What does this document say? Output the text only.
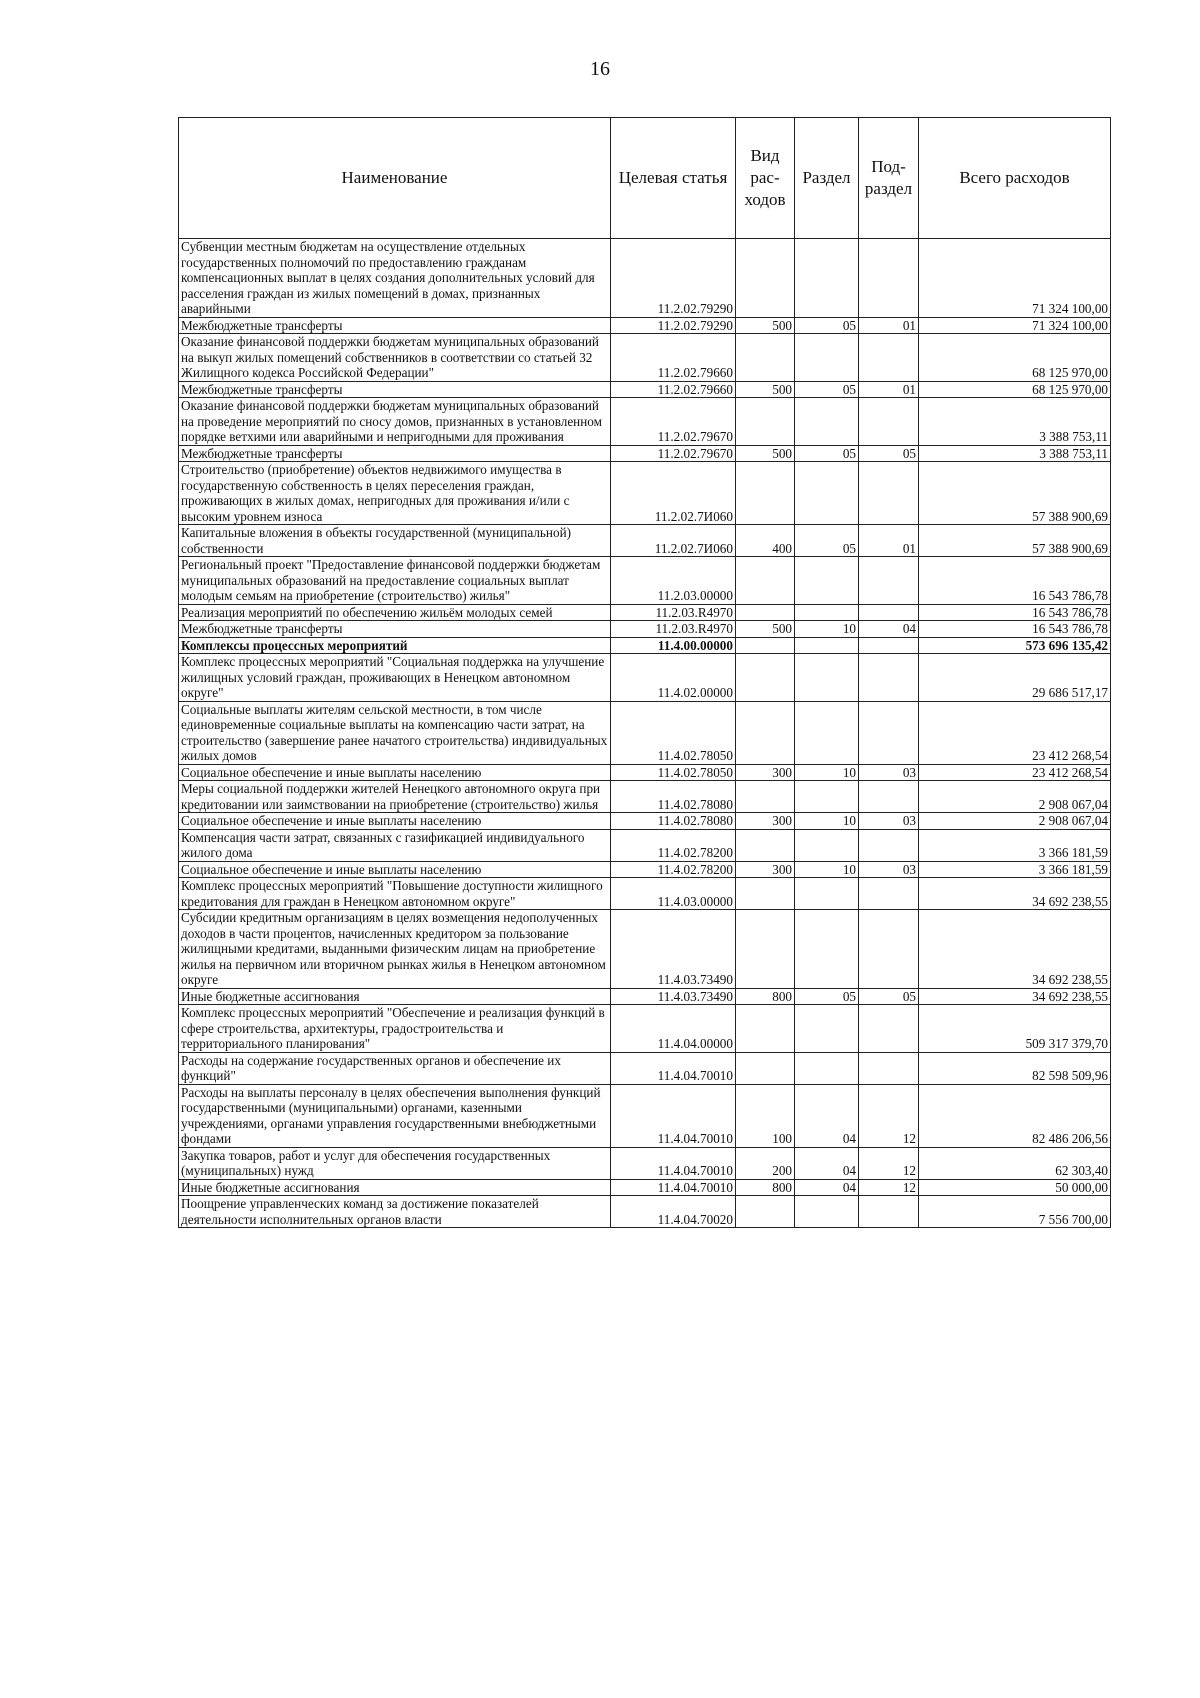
16
Наименование	Целевая статья	Вид рас- ходов	Раздел	Под- раздел	Всего расходов
Субвенции местным бюджетам на осуществление отдельных государственных полномочий по предоставлению гражданам компенсационных выплат в целях создания дополнительных условий для расселения граждан из жилых помещений в домах, признанных аварийными	11.2.02.79290				71 324 100,00
Межбюджетные трансферты	11.2.02.79290	500	05	01	71 324 100,00
Оказание финансовой поддержки бюджетам муниципальных образований на выкуп жилых помещений собственников в соответствии со статьей 32 Жилищного кодекса Российской Федерации"	11.2.02.79660				68 125 970,00
Межбюджетные трансферты	11.2.02.79660	500	05	01	68 125 970,00
Оказание финансовой поддержки бюджетам муниципальных образований на проведение мероприятий по сносу домов, признанных в установленном порядке ветхими или аварийными и непригодными для проживания	11.2.02.79670				3 388 753,11
Межбюджетные трансферты	11.2.02.79670	500	05	05	3 388 753,11
Строительство (приобретение) объектов недвижимого имущества в государственную собственность в целях переселения граждан, проживающих в жилых домах, непригодных для проживания и/или с высоким уровнем износа	11.2.02.7И060				57 388 900,69
Капитальные вложения в объекты государственной (муниципальной) собственности	11.2.02.7И060	400	05	01	57 388 900,69
Региональный проект "Предоставление финансовой поддержки бюджетам муниципальных образований на предоставление социальных выплат молодым семьям на приобретение (строительство) жилья"	11.2.03.00000				16 543 786,78
Реализация мероприятий по обеспечению жильём молодых семей	11.2.03.R4970				16 543 786,78
Межбюджетные трансферты	11.2.03.R4970	500	10	04	16 543 786,78
Комплексы процессных мероприятий	11.4.00.00000				573 696 135,42
Комплекс процессных мероприятий "Социальная поддержка на улучшение жилищных условий граждан, проживающих в Ненецком автономном округе"	11.4.02.00000				29 686 517,17
Социальные выплаты жителям сельской местности, в том числе единовременные социальные выплаты на компенсацию части затрат, на строительство (завершение ранее начатого строительства) индивидуальных жилых домов	11.4.02.78050				23 412 268,54
Социальное обеспечение и иные выплаты населению	11.4.02.78050	300	10	03	23 412 268,54
Меры социальной поддержки жителей Ненецкого автономного округа при кредитовании или заимствовании на приобретение (строительство) жилья	11.4.02.78080				2 908 067,04
Социальное обеспечение и иные выплаты населению	11.4.02.78080	300	10	03	2 908 067,04
Компенсация части затрат, связанных с газификацией индивидуального жилого дома	11.4.02.78200				3 366 181,59
Социальное обеспечение и иные выплаты населению	11.4.02.78200	300	10	03	3 366 181,59
Комплекс процессных мероприятий "Повышение доступности жилищного кредитования для граждан в Ненецком автономном округе"	11.4.03.00000				34 692 238,55
Субсидии кредитным организациям в целях возмещения недополученных доходов в части процентов, начисленных кредитором за пользование жилищными кредитами, выданными физическим лицам на приобретение жилья на первичном или вторичном рынках жилья в Ненецком автономном округе	11.4.03.73490				34 692 238,55
Иные бюджетные ассигнования	11.4.03.73490	800	05	05	34 692 238,55
Комплекс процессных мероприятий "Обеспечение и реализация функций в сфере строительства, архитектуры, градостроительства и территориального планирования"	11.4.04.00000				509 317 379,70
Расходы на содержание государственных органов и обеспечение их функций"	11.4.04.70010				82 598 509,96
Расходы на выплаты персоналу в целях обеспечения выполнения функций государственными (муниципальными) органами, казенными учреждениями, органами управления государственными внебюджетными фондами	11.4.04.70010	100	04	12	82 486 206,56
Закупка товаров, работ и услуг для обеспечения государственных (муниципальных) нужд	11.4.04.70010	200	04	12	62 303,40
Иные бюджетные ассигнования	11.4.04.70010	800	04	12	50 000,00
Поощрение управленческих команд за достижение показателей деятельности исполнительных органов власти	11.4.04.70020				7 556 700,00
